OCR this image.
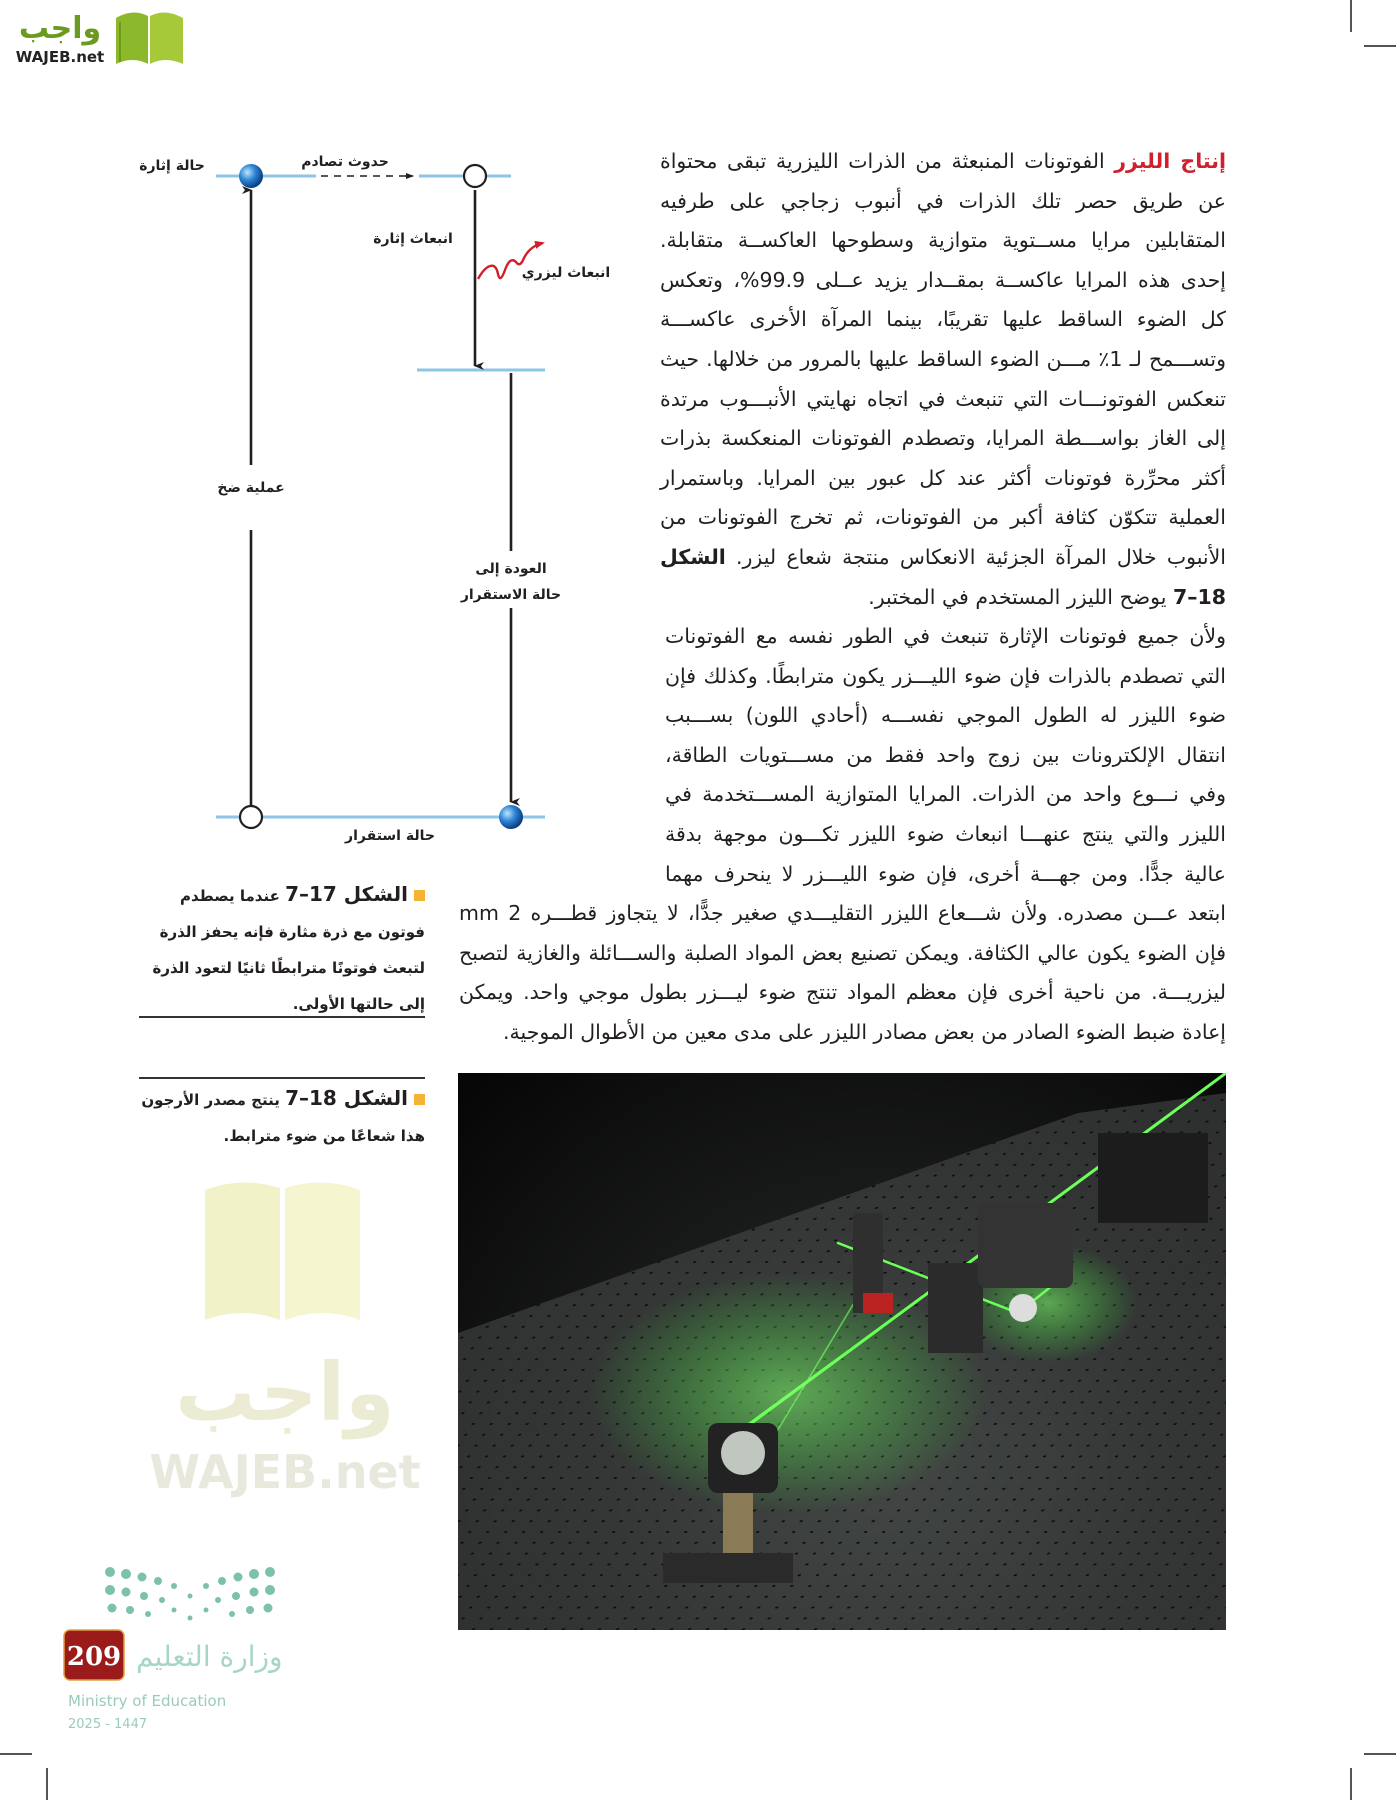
واجب
WAJEB.net
إنتاج الليزر الفوتونات المنبعثة من الذرات الليزرية تبقى محتواة عن طريق حصر تلك الذرات في أنبوب زجاجي على طرفيه المتقابلين مرايا مســتوية متوازية وسطوحها العاكســة متقابلة. إحدى هذه المرايا عاكســة بمقــدار يزيد عــلى 99.9%، وتعكس كل الضوء الساقط عليها تقريبًا، بينما المرآة الأخرى عاكســـة وتســـمح لـ 1٪ مـــن الضوء الساقط عليها بالمرور من خلالها. حيث تنعكس الفوتونـــات التي تنبعث في اتجاه نهايتي الأنبـــوب مرتدة إلى الغاز بواســـطة المرايا، وتصطدم الفوتونات المنعكسة بذرات أكثر محرِّرة فوتونات أكثر عند كل عبور بين المرايا. وباستمرار العملية تتكوّن كثافة أكبر من الفوتونات، ثم تخرج الفوتونات من الأنبوب خلال المرآة الجزئية الانعكاس منتجة شعاع ليزر. الشكل 18–7 يوضح الليزر المستخدم في المختبر.
ولأن جميع فوتونات الإثارة تنبعث في الطور نفسه مع الفوتونات التي تصطدم بالذرات فإن ضوء الليـــزر يكون مترابطًا. وكذلك فإن ضوء الليزر له الطول الموجي نفســـه (أحادي اللون) بســـبب انتقال الإلكترونات بين زوج واحد فقط من مســـتويات الطاقة، وفي نـــوع واحد من الذرات. المرايا المتوازية المســـتخدمة في الليزر والتي ينتج عنهـــا انبعاث ضوء الليزر تكـــون موجهة بدقة عالية جدًّا. ومن جهـــة أخرى، فإن ضوء الليـــزر لا ينحرف مهما ابتعد عـــن مصدره. ولأن شـــعاع الليزر التقليـــدي صغير جدًّا، لا يتجاوز قطـــره 2 mm فإن الضوء يكون عالي الكثافة. ويمكن تصنيع بعض المواد الصلبة والســـائلة والغازية لتصبح ليزريـــة. من ناحية أخرى فإن معظم المواد تنتج ضوء ليـــزر بطول موجي واحد. ويمكن إعادة ضبط الضوء الصادر من بعض مصادر الليزر على مدى معين من الأطوال الموجية.
واجب
WAJEB.net
حالة إثارة	حدوث تصادم
انبعاث إثارة
انبعاث ليزري
عملية ضخ
العودة إلى
حالة الاستقرار
حالة استقرار
الشكل 17–7 عندما يصطدم فوتون مع ذرة مثارة فإنه يحفز الذرة لتبعث فوتونًا مترابطًا ثانيًا لتعود الذرة إلى حالتها الأولى.
الشكل 18–7 ينتج مصدر الأرجون هذا شعاعًا من ضوء مترابط.
209 وزارة التعليم
Ministry of Education
2025 - 1447
